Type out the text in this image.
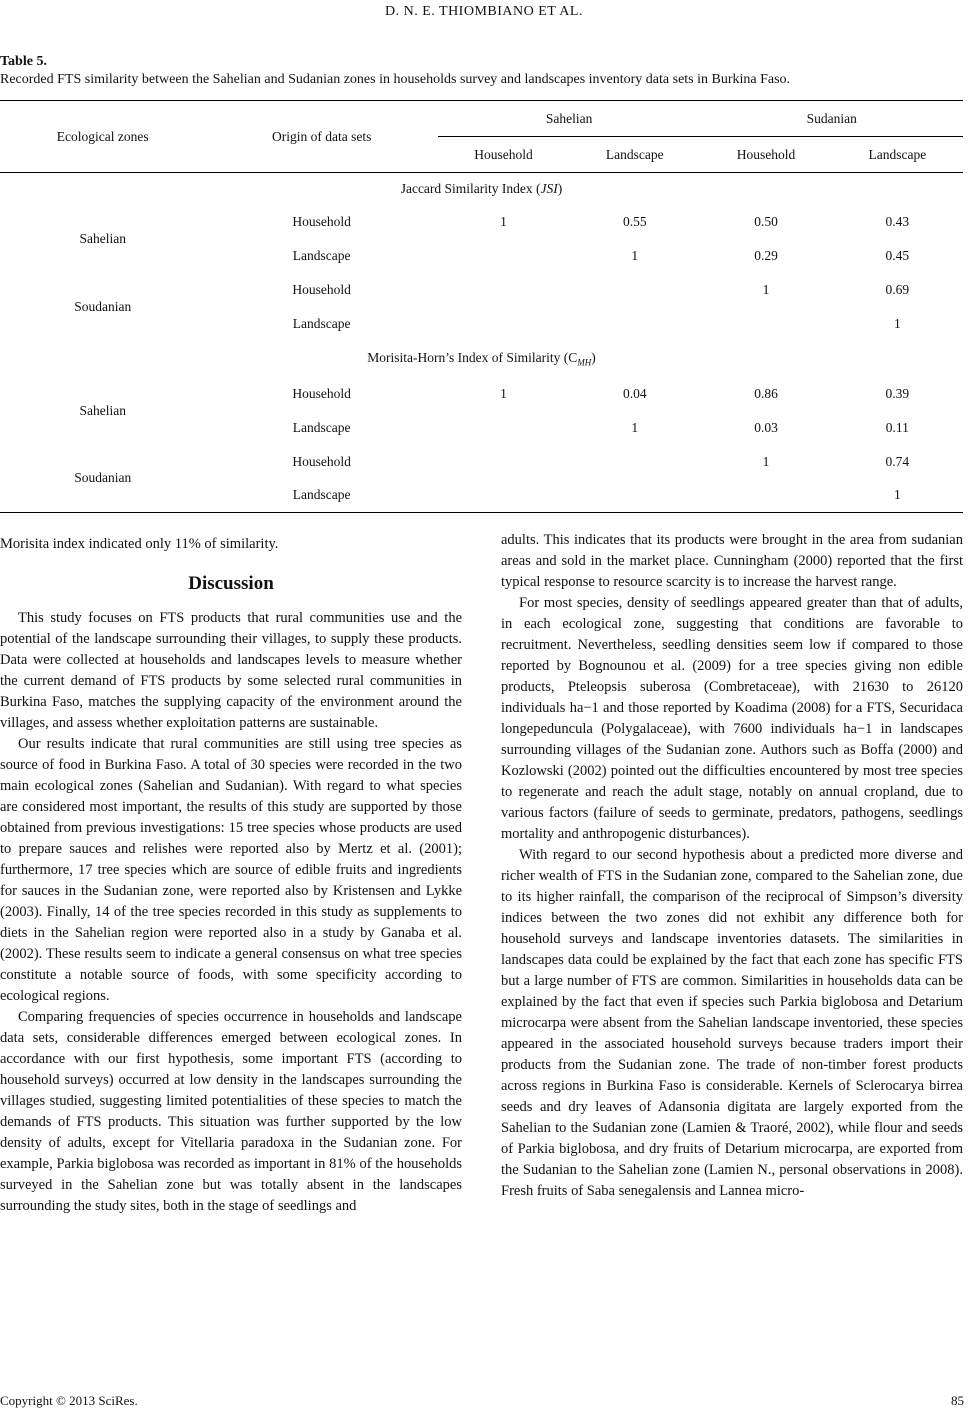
D. N. E. THIOMBIANO ET AL.
Table 5.
Recorded FTS similarity between the Sahelian and Sudanian zones in households survey and landscapes inventory data sets in Burkina Faso.
Ecological zones	Origin of data sets	Sahelian		Sudanian	
		Household	Landscape	Household	Landscape
Jaccard Similarity Index (JSI)					
Sahelian	Household	1	0.55	0.50	0.43
	Landscape		1	0.29	0.45
Soudanian	Household			1	0.69
	Landscape				1
Morisita-Horn’s Index of Similarity $(C_{MH})$					
Sahelian	Household	1	0.04	0.86	0.39
	Landscape		1	0.03	0.11
Soudanian	Household			1	0.74
	Landscape				1
Morisita index indicated only 11% of similarity.
Discussion

This study focuses on FTS products that rural communities use and the potential of the landscape surrounding their villages, to supply these products. Data were collected at households and landscapes levels to measure whether the current demand of FTS products by some selected rural communities in Burkina Faso, matches the supplying capacity of the environment around the villages, and assess whether exploitation patterns are sustainable.

Our results indicate that rural communities are still using tree species as source of food in Burkina Faso. A total of 30 species were recorded in the two main ecological zones (Sahelian and Sudanian). With regard to what species are considered most important, the results of this study are supported by those obtained from previous investigations: 15 tree species whose products are used to prepare sauces and relishes were reported also by Mertz et al. (2001); furthermore, 17 tree species which are source of edible fruits and ingredients for sauces in the Sudanian zone, were reported also by Kristensen and Lykke (2003). Finally, 14 of the tree species recorded in this study as supplements to diets in the Sahelian region were reported also in a study by Ganaba et al. (2002). These results seem to indicate a general consensus on what tree species constitute a notable source of foods, with some specificity according to ecological regions.

Comparing frequencies of species occurrence in households and landscape data sets, considerable differences emerged between ecological zones. In accordance with our first hypothesis, some important FTS (according to household surveys) occurred at low density in the landscapes surrounding the villages studied, suggesting limited potentialities of these species to match the demands of FTS products. This situation was further supported by the low density of adults, except for Vitellaria paradoxa in the Sudanian zone. For example, Parkia biglobosa was recorded as important in 81% of the households surveyed in the Sahelian zone but was totally absent in the landscapes surrounding the study sites, both in the stage of seedlings and

adults. This indicates that its products were brought in the area from sudanian areas and sold in the market place. Cunningham (2000) reported that the first typical response to resource scarcity is to increase the harvest range.

For most species, density of seedlings appeared greater than that of adults, in each ecological zone, suggesting that conditions are favorable to recruitment. Nevertheless, seedling densities seem low if compared to those reported by Bognounou et al. (2009) for a tree species giving non edible products, Pteleopsis suberosa (Combretaceae), with 21630 to 26120 individuals ha−1 and those reported by Koadima (2008) for a FTS, Securidaca longepeduncula (Polygalaceae), with 7600 individuals ha−1 in landscapes surrounding villages of the Sudanian zone. Authors such as Boffa (2000) and Kozlowski (2002) pointed out the difficulties encountered by most tree species to regenerate and reach the adult stage, notably on annual cropland, due to various factors (failure of seeds to germinate, predators, pathogens, seedlings mortality and anthropogenic disturbances).

With regard to our second hypothesis about a predicted more diverse and richer wealth of FTS in the Sudanian zone, compared to the Sahelian zone, due to its higher rainfall, the comparison of the reciprocal of Simpson’s diversity indices between the two zones did not exhibit any difference both for household surveys and landscape inventories datasets. The similarities in landscapes data could be explained by the fact that each zone has specific FTS but a large number of FTS are common. Similarities in households data can be explained by the fact that even if species such Parkia biglobosa and Detarium microcarpa were absent from the Sahelian landscape inventoried, these species appeared in the associated household surveys because traders import their products from the Sudanian zone. The trade of non-timber forest products across regions in Burkina Faso is considerable. Kernels of Sclerocarya birrea seeds and dry leaves of Adansonia digitata are largely exported from the Sahelian to the Sudanian zone (Lamien & Traoré, 2002), while flour and seeds of Parkia biglobosa, and dry fruits of Detarium microcarpa, are exported from the Sudanian to the Sahelian zone (Lamien N., personal observations in 2008). Fresh fruits of Saba senegalensis and Lannea micro-

Copyright © 2013 SciRes.	85
